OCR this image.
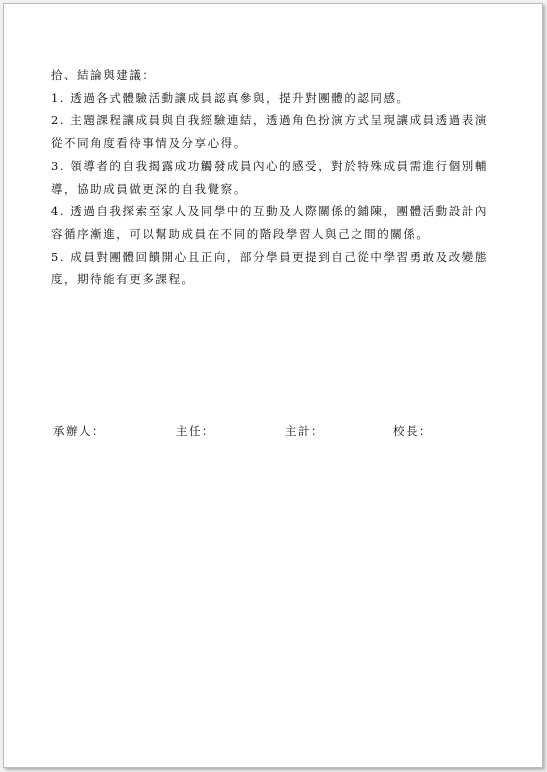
拾、結論與建議：

1. 透過各式體驗活動讓成員認真參與，提升對團體的認同感。

2. 主題課程讓成員與自我經驗連結，透過角色扮演方式呈現讓成員透過表演從不同角度看待事情及分享心得。

3. 領導者的自我揭露成功觸發成員內心的感受，對於特殊成員需進行個別輔導，協助成員做更深的自我覺察。

4. 透過自我探索至家人及同學中的互動及人際關係的鋪陳，團體活動設計內容循序漸進，可以幫助成員在不同的階段學習人與己之間的關係。

5. 成員對團體回饋開心且正向，部分學員更提到自己從中學習勇敢及改變態度，期待能有更多課程。

承辦人：	主任：	主計：	校長：
